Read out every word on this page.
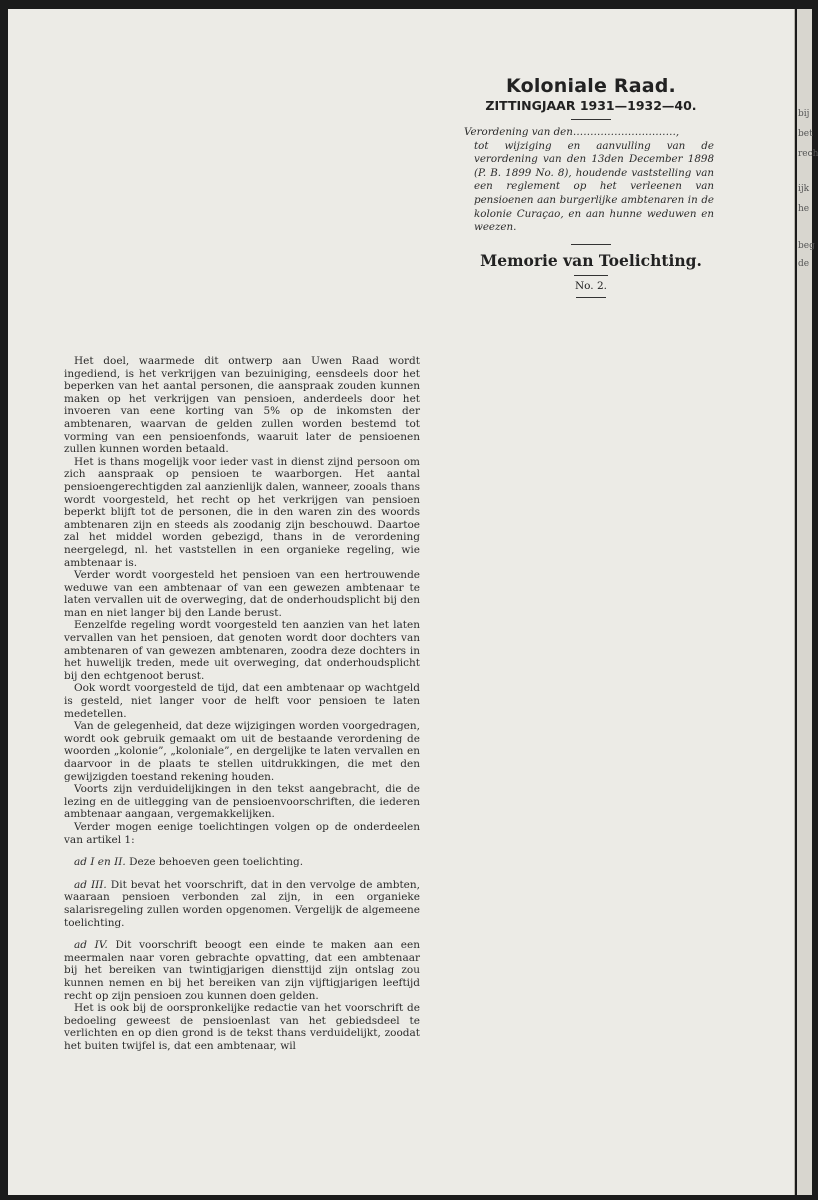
Koloniale Raad.
ZITTINGJAAR 1931—1932—40.
Verordening van den…………………………,
tot wijziging en aanvulling van de verordening van den 13den December 1898 (P. B. 1899 No. 8), houdende vaststelling van een reglement op het verleenen van pensioenen aan burgerlijke ambtenaren in de kolonie Curaçao, en aan hunne weduwen en weezen.
Memorie van Toelichting.
No. 2.

Het doel, waarmede dit ontwerp aan Uwen Raad wordt ingediend, is het verkrijgen van bezuiniging, eensdeels door het beperken van het aantal personen, die aanspraak zouden kunnen maken op het verkrijgen van pensioen, anderdeels door het invoeren van eene korting van 5% op de inkomsten der ambtenaren, waarvan de gelden zullen worden bestemd tot vorming van een pensioenfonds, waaruit later de pensioenen zullen kunnen worden betaald.

Het is thans mogelijk voor ieder vast in dienst zijnd persoon om zich aanspraak op pensioen te waarborgen. Het aantal pensioengerechtigden zal aanzienlijk dalen, wanneer, zooals thans wordt voorgesteld, het recht op het verkrijgen van pensioen beperkt blijft tot de personen, die in den waren zin des woords ambtenaren zijn en steeds als zoodanig zijn beschouwd. Daartoe zal het middel worden gebezigd, thans in de verordening neergelegd, nl. het vaststellen in een organieke regeling, wie ambtenaar is.

Verder wordt voorgesteld het pensioen van een hertrouwende weduwe van een ambtenaar of van een gewezen ambtenaar te laten vervallen uit de overweging, dat de onderhoudsplicht bij den man en niet langer bij den Lande berust.

Eenzelfde regeling wordt voorgesteld ten aanzien van het laten vervallen van het pensioen, dat genoten wordt door dochters van ambtenaren of van gewezen ambtenaren, zoodra deze dochters in het huwelijk treden, mede uit overweging, dat onderhoudsplicht bij den echtgenoot berust.

Ook wordt voorgesteld de tijd, dat een ambtenaar op wachtgeld is gesteld, niet langer voor de helft voor pensioen te laten medetellen.

Van de gelegenheid, dat deze wijzigingen worden voorgedragen, wordt ook gebruik gemaakt om uit de bestaande verordening de woorden „kolonie”, „koloniale”, en dergelijke te laten vervallen en daarvoor in de plaats te stellen uitdrukkingen, die met den gewijzigden toestand rekening houden.

Voorts zijn verduidelijkingen in den tekst aangebracht, die de lezing en de uitlegging van de pensioenvoorschriften, die iederen ambtenaar aangaan, vergemakkelijken.

Verder mogen eenige toelichtingen volgen op de onderdeelen van artikel 1:

ad I en II. Deze behoeven geen toelichting.

ad III. Dit bevat het voorschrift, dat in den vervolge de ambten, waaraan pensioen verbonden zal zijn, in een organieke salarisregeling zullen worden opgenomen. Vergelijk de algemeene toelichting.

ad IV. Dit voorschrift beoogt een einde te maken aan een meermalen naar voren gebrachte opvatting, dat een ambtenaar bij het bereiken van twintigjarigen diensttijd zijn ontslag zou kunnen nemen en bij het bereiken van zijn vijftigjarigen leeftijd recht op zijn pensioen zou kunnen doen gelden.

Het is ook bij de oorspronkelijke redactie van het voorschrift de bedoeling geweest de pensioenlast van het gebiedsdeel te verlichten en op dien grond is de tekst thans verduidelijkt, zoodat het buiten twijfel is, dat een ambtenaar, wil

bij
bet
rech
ijk
he
beg
de
